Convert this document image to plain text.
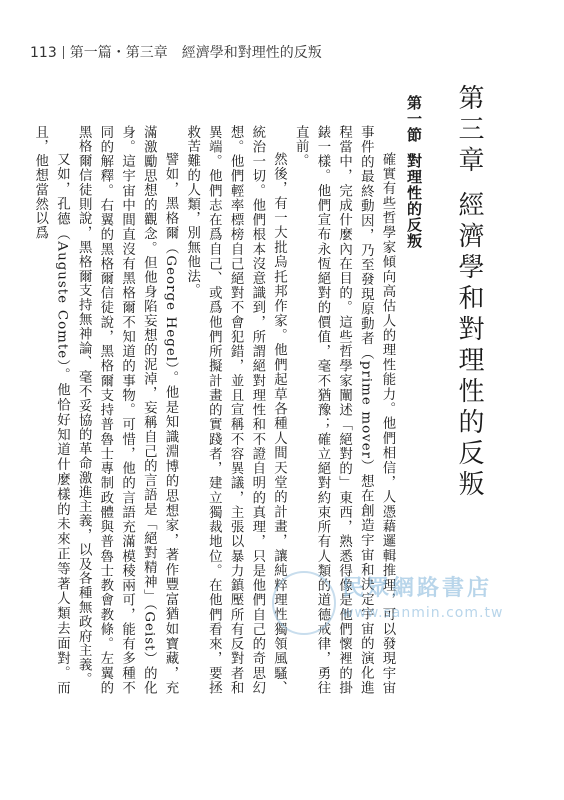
113 第一篇・第三章  經濟學和對理性的反叛
第三章經濟學和對理性的反叛
第一節對理性的反叛

確實有些哲學家傾向高估人的理性能力。他們相信，人憑藉邏輯推理，可以發現宇宙事件的最終動因，乃至發現原動者（prime mover）想在創造宇宙和決定宇宙的演化進程當中，完成什麼內在目的。這些哲學家闡述「絕對的」東西，熟悉得像是他們懷裡的掛錶一樣。他們宣布永恆絕對的價值，毫不猶豫；確立絕對約束所有人類的道德戒律，勇往直前。

然後，有一大批烏托邦作家。他們起草各種人間天堂的計畫，讓純粹理性獨領風騷、統治一切。他們根本沒意識到，所謂絕對理性和不證自明的真理，只是他們自己的奇思幻想。他們輕率標榜自己絕對不會犯錯，並且宣稱不容異議，主張以暴力鎮壓所有反對者和異端。他們志在爲自己、或爲他們所擬計畫的實踐者，建立獨裁地位。在他們看來，要拯救苦難的人類，別無他法。

譬如，黑格爾（George Hegel）。他是知識淵博的思想家，著作豐富猶如寶藏，充滿激勵思想的觀念。但他身陷妄想的泥淖，妄稱自己的言語是「絕對精神」（Geist）的化身。這宇宙中間直沒有黑格爾不知道的事物。可惜，他的言語充滿模稜兩可，能有多種不同的解釋。右翼的黑格爾信徒說，黑格爾支持普魯士專制政體與普魯士教會教條。左翼的黑格爾信徒則說，黑格爾支持無神論、毫不妥協的革命激進主義，以及各種無政府主義。

又如，孔德（Auguste Comte）。他恰好知道什麼樣的未來正等著人類去面對。而且，他想當然以爲

民眾網路書店
www.sanmin.com.tw
